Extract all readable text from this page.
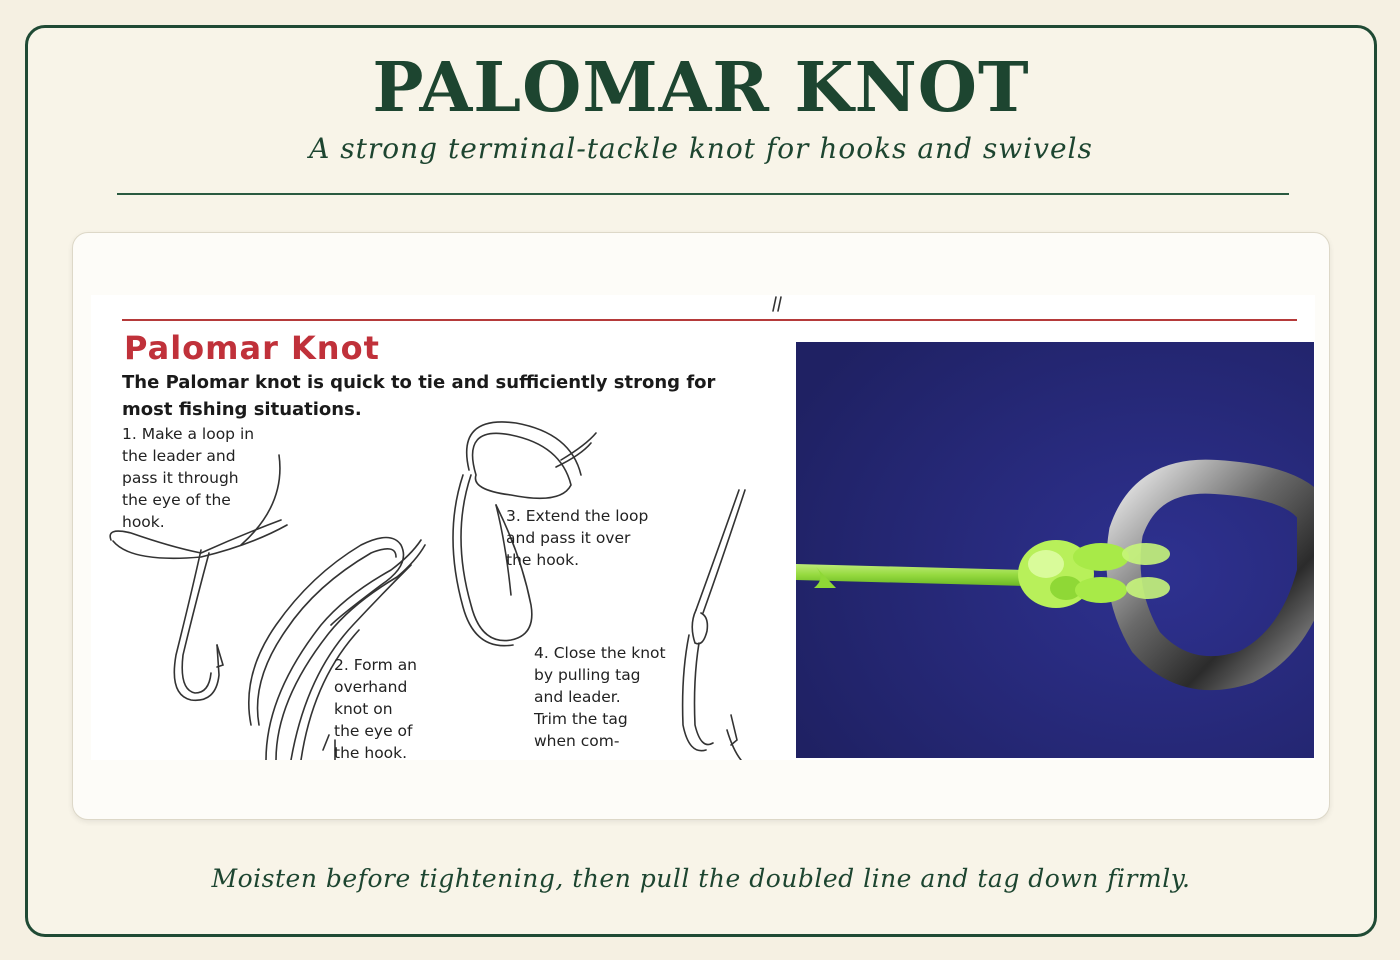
PALOMAR KNOT
A strong terminal-tackle knot for hooks and swivels
Palomar Knot
The Palomar knot is quick to tie and sufficiently strong for most fishing situations.
1. Make a loop in
the leader and
pass it through
the eye of the
hook.
2. Form an
overhand
knot on
the eye of
the hook.
3. Extend the loop
and pass it over
the hook.
4. Close the knot
by pulling tag
and leader.
Trim the tag
when com-
Moisten before tightening, then pull the doubled line and tag down firmly.
